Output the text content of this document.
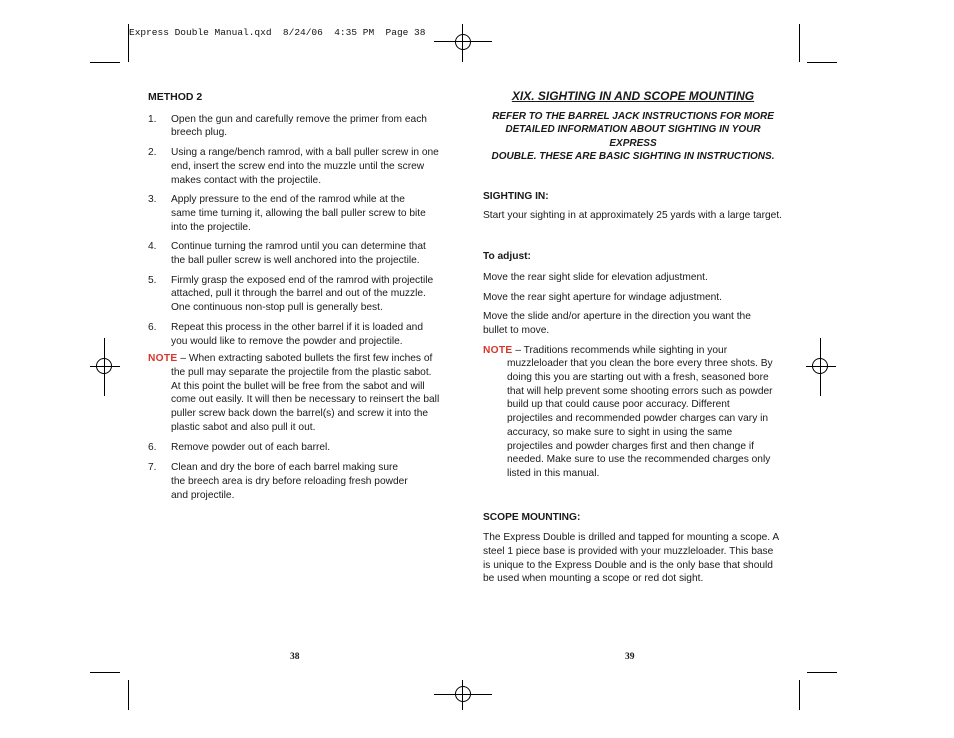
Express Double Manual.qxd  8/24/06  4:35 PM  Page 38

METHOD 2

1. Open the gun and carefully remove the primer from each
breech plug.
2. Using a range/bench ramrod, with a ball puller screw in one
end, insert the screw end into the muzzle until the screw
makes contact with the projectile.
3. Apply pressure to the end of the ramrod while at the
same time turning it, allowing the ball puller screw to bite
into the projectile.
4. Continue turning the ramrod until you can determine that
the ball puller screw is well anchored into the projectile.
5. Firmly grasp the exposed end of the ramrod with projectile
attached, pull it through the barrel and out of the muzzle.
One continuous non-stop pull is generally best.
6. Repeat this process in the other barrel if it is loaded and
you would like to remove the powder and projectile.
NOTE – When extracting saboted bullets the first few inches of
the pull may separate the projectile from the plastic sabot.
At this point the bullet will be free from the sabot and will
come out easily. It will then be necessary to reinsert the ball
puller screw back down the barrel(s) and screw it into the
plastic sabot and also pull it out.
6. Remove powder out of each barrel.
7. Clean and dry the bore of each barrel making sure
the breech area is dry before reloading fresh powder
and projectile.
38

XIX. SIGHTING IN AND SCOPE MOUNTING

REFER TO THE BARREL JACK INSTRUCTIONS FOR MORE

DETAILED INFORMATION ABOUT SIGHTING IN YOUR EXPRESS

DOUBLE. THESE ARE BASIC SIGHTING IN INSTRUCTIONS.

SIGHTING IN:

Start your sighting in at approximately 25 yards with a large target.

To adjust:

Move the rear sight slide for elevation adjustment.

Move the rear sight aperture for windage adjustment.

Move the slide and/or aperture in the direction you want the
bullet to move.
NOTE – Traditions recommends while sighting in your
muzzleloader that you clean the bore every three shots. By
doing this you are starting out with a fresh, seasoned bore
that will help prevent some shooting errors such as powder
build up that could cause poor accuracy. Different
projectiles and recommended powder charges can vary in
accuracy, so make sure to sight in using the same
projectiles and powder charges first and then change if
needed. Make sure to use the recommended charges only
listed in this manual.

SCOPE MOUNTING:

The Express Double is drilled and tapped for mounting a scope. A
steel 1 piece base is provided with your muzzleloader. This base
is unique to the Express Double and is the only base that should
be used when mounting a scope or red dot sight.
39
